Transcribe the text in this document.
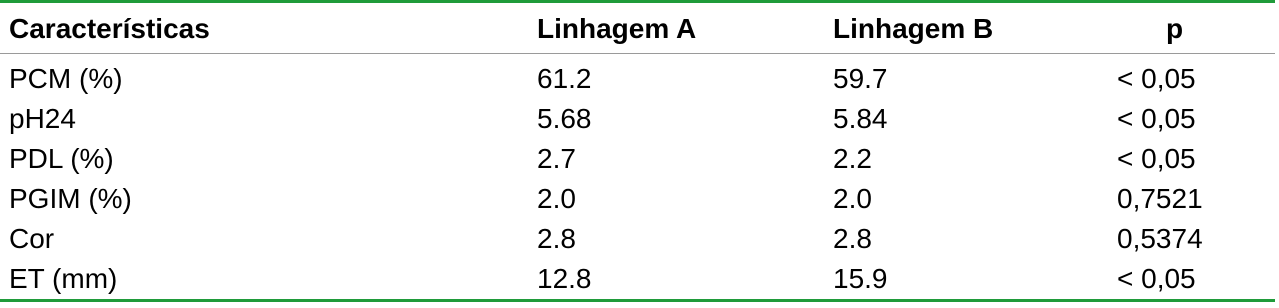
Características	Linhagem A	Linhagem B	p
PCM (%)	61.2	59.7	< 0,05
pH24	5.68	5.84	< 0,05
PDL (%)	2.7	2.2	< 0,05
PGIM (%)	2.0	2.0	0,7521
Cor	2.8	2.8	0,5374
ET (mm)	12.8	15.9	< 0,05
